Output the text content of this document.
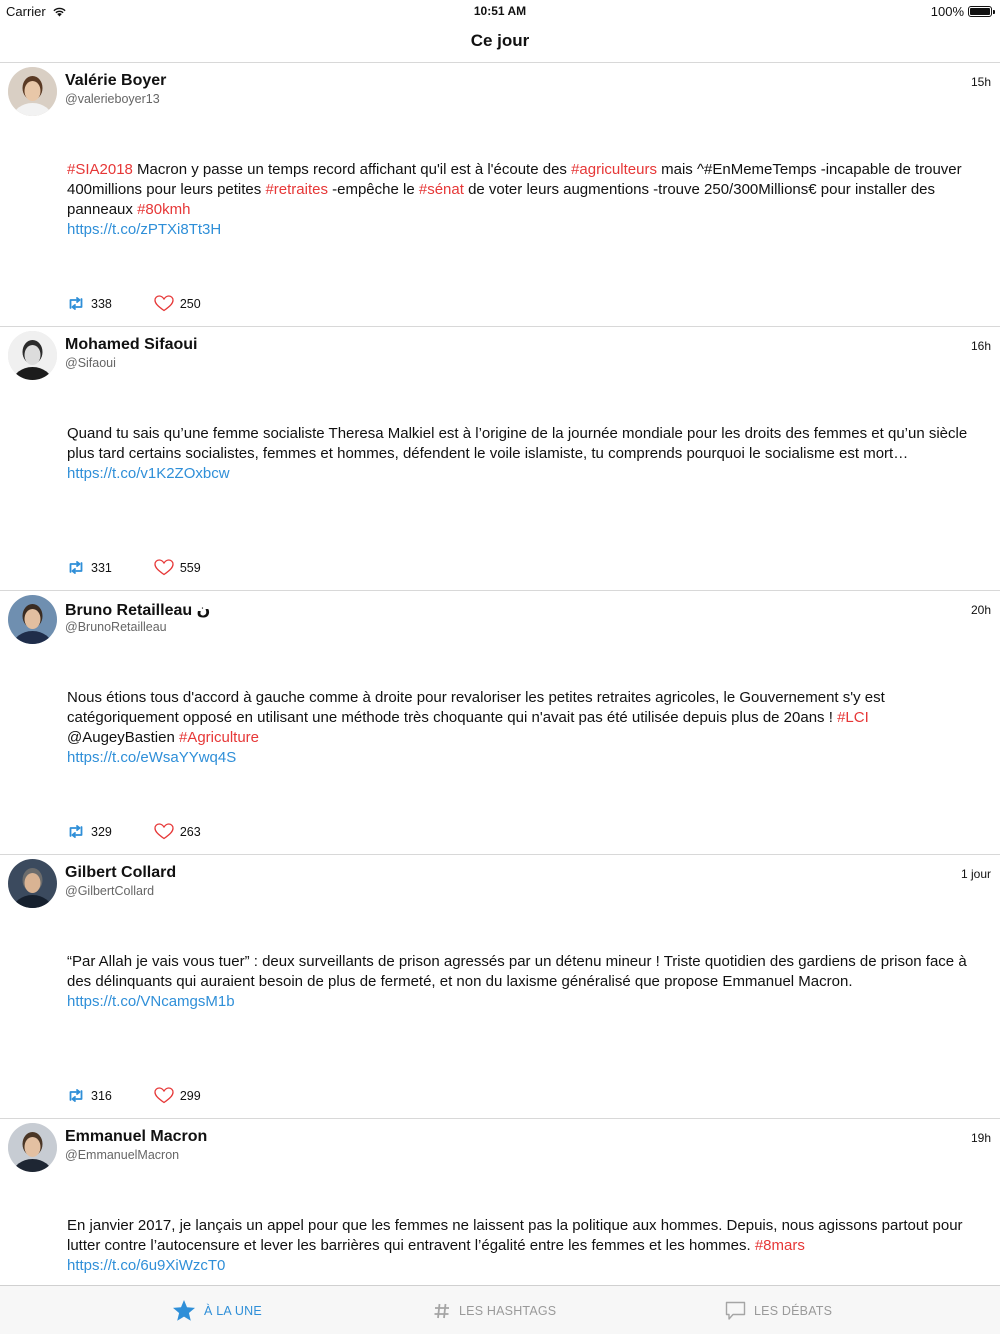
Carrier	10:51 AM	100%
Ce jour
Valérie Boyer
@valerieboyer13
15h
#SIA2018 Macron y passe un temps record affichant qu'il est à l'écoute des #agriculteurs mais ^#EnMemeTemps -incapable de trouver 400millions pour leurs petites #retraites -empêche le #sénat de voter leurs augmentions -trouve 250/300Millions€ pour installer des panneaux #80kmh
https://t.co/zPTXi8Tt3H
338	250
Mohamed Sifaoui
@Sifaoui
16h
Quand tu sais qu’une femme socialiste Theresa Malkiel est à l’origine de la journée mondiale pour les droits des femmes et qu’un siècle plus tard certains socialistes, femmes et hommes, défendent le voile islamiste, tu comprends pourquoi le socialisme est mort…
https://t.co/v1K2ZOxbcw
331	559
Bruno Retailleau ن
@BrunoRetailleau
20h
Nous étions tous d'accord à gauche comme à droite pour revaloriser les petites retraites agricoles, le Gouvernement s'y est catégoriquement opposé en utilisant une méthode très choquante qui n'avait pas été utilisée depuis plus de 20ans ! #LCI @AugeyBastien #Agriculture
https://t.co/eWsaYYwq4S
329	263
Gilbert Collard
@GilbertCollard
1 jour
“Par Allah je vais vous tuer” : deux surveillants de prison agressés par un détenu mineur ! Triste quotidien des gardiens de prison face à des délinquants qui auraient besoin de plus de fermeté, et non du laxisme généralisé que propose Emmanuel Macron.
https://t.co/VNcamgsM1b
316	299
Emmanuel Macron
@EmmanuelMacron
19h
En janvier 2017, je lançais un appel pour que les femmes ne laissent pas la politique aux hommes. Depuis, nous agissons partout pour lutter contre l’autocensure et lever les barrières qui entravent l’égalité entre les femmes et les hommes. #8mars
https://t.co/6u9XiWzcT0
À LA UNE	LES HASHTAGS	LES DÉBATS
